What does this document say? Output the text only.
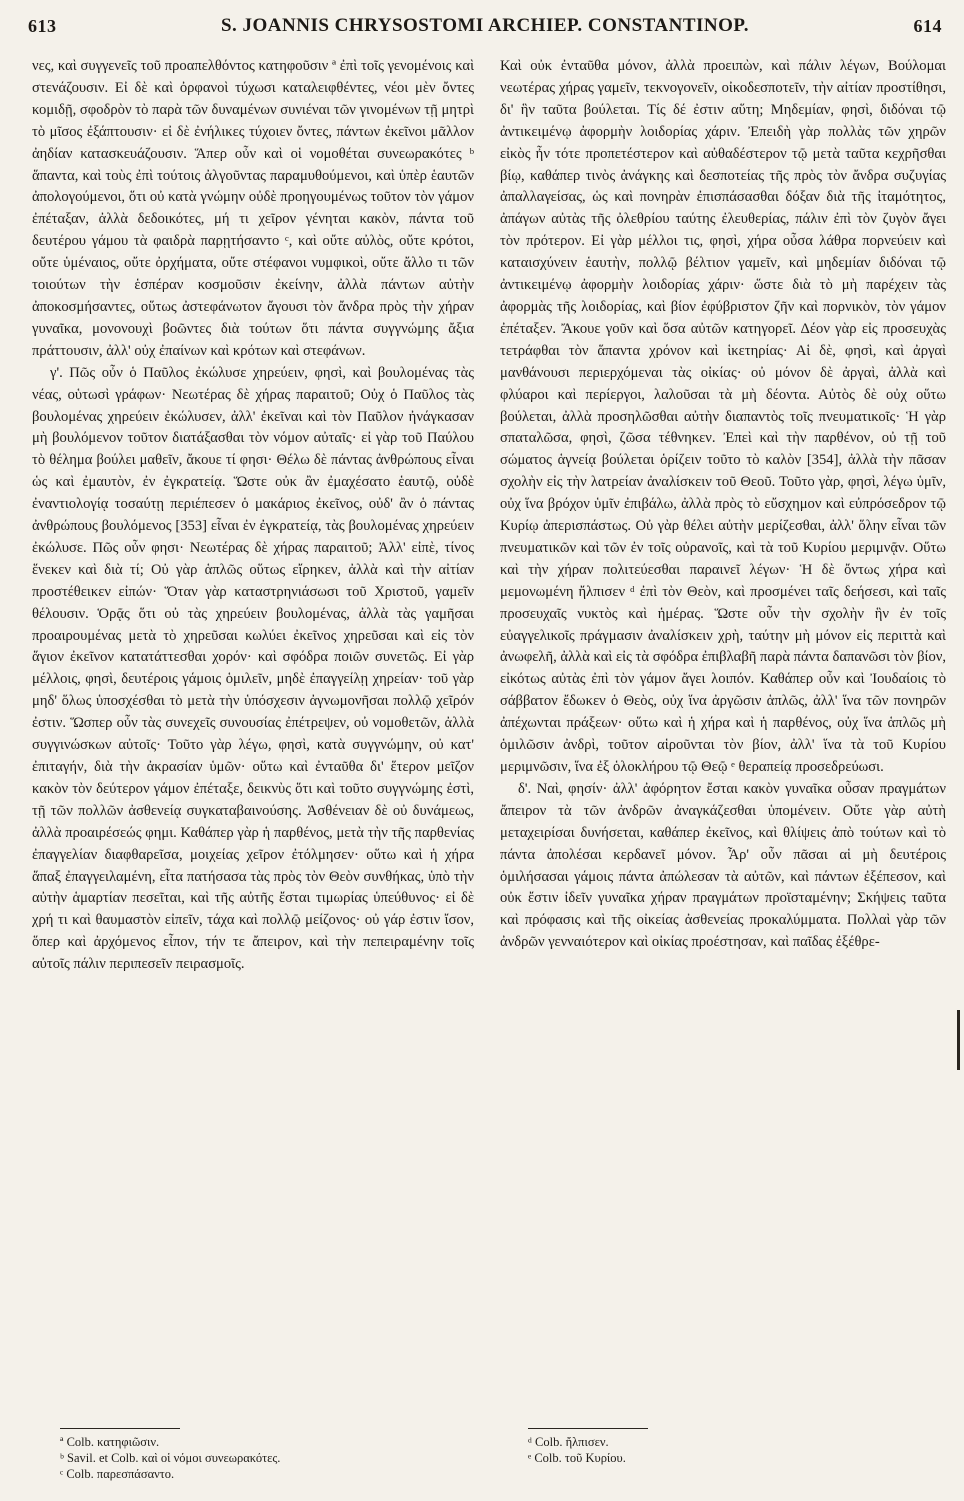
613	S. JOANNIS CHRYSOSTOMI ARCHIEP. CONSTANTINOP.	614

νες, καὶ συγγενεῖς τοῦ προαπελθόντος κατηφοῦσιν ª ἐπὶ τοῖς γενομένοις καὶ στενάζουσιν. Εἰ δὲ καὶ ὀρφανοὶ τύχωσι καταλειφθέντες, νέοι μὲν ὄντες κομιδῇ, σφοδρὸν τὸ παρὰ τῶν δυναμένων συνιέναι τῶν γινομένων τῇ μητρὶ τὸ μῖσος ἐξάπτουσιν· εἰ δὲ ἐνήλικες τύχοιεν ὄντες, πάντων ἐκεῖνοι μᾶλλον ἀηδίαν κατασκευάζουσιν. Ἅπερ οὖν καὶ οἱ νομοθέται συνεωρακότες ᵇ ἅπαντα, καὶ τοὺς ἐπὶ τούτοις ἀλγοῦντας παραμυθούμενοι, καὶ ὑπὲρ ἑαυτῶν ἀπολογούμενοι, ὅτι οὐ κατὰ γνώμην οὐδὲ προηγουμένως τοῦτον τὸν γάμον ἐπέταξαν, ἀλλὰ δεδοικότες, μή τι χεῖρον γένηται κακὸν, πάντα τοῦ δευτέρου γάμου τὰ φαιδρὰ παρῃτήσαντο ᶜ, καὶ οὔτε αὐλὸς, οὔτε κρότοι, οὔτε ὑμέναιος, οὔτε ὀρχήματα, οὔτε στέφανοι νυμφικοὶ, οὔτε ἄλλο τι τῶν τοιούτων τὴν ἑσπέραν κοσμοῦσιν ἐκείνην, ἀλλὰ πάντων αὐτὴν ἀποκοσμήσαντες, οὕτως ἀστεφάνωτον ἄγουσι τὸν ἄνδρα πρὸς τὴν χήραν γυναῖκα, μονονουχὶ βοῶντες διὰ τούτων ὅτι πάντα συγγνώμης ἄξια πράττουσιν, ἀλλ' οὐχ ἐπαίνων καὶ κρότων καὶ στεφάνων.

γ'. Πῶς οὖν ὁ Παῦλος ἐκώλυσε χηρεύειν, φησὶ, καὶ βουλομένας τὰς νέας, οὑτωσὶ γράφων· Νεωτέρας δὲ χήρας παραιτοῦ; Οὐχ ὁ Παῦλος τὰς βουλομένας χηρεύειν ἐκώλυσεν, ἀλλ' ἐκεῖναι καὶ τὸν Παῦλον ἠνάγκασαν μὴ βουλόμενον τοῦτον διατάξασθαι τὸν νόμον αὐταῖς· εἰ γὰρ τοῦ Παύλου τὸ θέλημα βούλει μαθεῖν, ἄκουε τί φησι· Θέλω δὲ πάντας ἀνθρώπους εἶναι ὡς καὶ ἐμαυτὸν, ἐν ἐγκρατείᾳ. Ὥστε οὐκ ἂν ἐμαχέσατο ἑαυτῷ, οὐδὲ ἐναντιολογίᾳ τοσαύτῃ περιέπεσεν ὁ μακάριος ἐκεῖνος, οὐδ' ἂν ὁ πάντας ἀνθρώπους βουλόμενος [353] εἶναι ἐν ἐγκρατείᾳ, τὰς βουλομένας χηρεύειν ἐκώλυσε. Πῶς οὖν φησι· Νεωτέρας δὲ χήρας παραιτοῦ; Ἀλλ' εἰπὲ, τίνος ἕνεκεν καὶ διὰ τί; Οὐ γὰρ ἁπλῶς οὕτως εἴρηκεν, ἀλλὰ καὶ τὴν αἰτίαν προστέθεικεν εἰπών· Ὅταν γὰρ καταστρηνιάσωσι τοῦ Χριστοῦ, γαμεῖν θέλουσιν. Ὁρᾷς ὅτι οὐ τὰς χηρεύειν βουλομένας, ἀλλὰ τὰς γαμῆσαι προαιρουμένας μετὰ τὸ χηρεῦσαι κωλύει ἐκεῖνος χηρεῦσαι καὶ εἰς τὸν ἅγιον ἐκεῖνον κατατάττεσθαι χορόν· καὶ σφόδρα ποιῶν συνετῶς. Εἰ γὰρ μέλλοις, φησὶ, δευτέροις γάμοις ὁμιλεῖν, μηδὲ ἐπαγγείλῃ χηρείαν· τοῦ γὰρ μηδ' ὅλως ὑποσχέσθαι τὸ μετὰ τὴν ὑπόσχεσιν ἀγνωμονῆσαι πολλῷ χεῖρόν ἐστιν. Ὥσπερ οὖν τὰς συνεχεῖς συνουσίας ἐπέτρεψεν, οὐ νομοθετῶν, ἀλλὰ συγγινώσκων αὐτοῖς· Τοῦτο γὰρ λέγω, φησὶ, κατὰ συγγνώμην, οὐ κατ' ἐπιταγήν, διὰ τὴν ἀκρασίαν ὑμῶν· οὕτω καὶ ἐνταῦθα δι' ἕτερον μεῖζον κακὸν τὸν δεύτερον γάμον ἐπέταξε, δεικνὺς ὅτι καὶ τοῦτο συγγνώμης ἐστὶ, τῇ τῶν πολλῶν ἀσθενείᾳ συγκαταβαινούσης. Ἀσθένειαν δὲ οὐ δυνάμεως, ἀλλὰ προαιρέσεώς φημι. Καθάπερ γὰρ ἡ παρθένος, μετὰ τὴν τῆς παρθενίας ἐπαγγελίαν διαφθαρεῖσα, μοιχείας χεῖρον ἐτόλμησεν· οὕτω καὶ ἡ χήρα ἅπαξ ἐπαγγειλαμένη, εἶτα πατήσασα τὰς πρὸς τὸν Θεὸν συνθήκας, ὑπὸ τὴν αὐτὴν ἁμαρτίαν πεσεῖται, καὶ τῆς αὐτῆς ἔσται τιμωρίας ὑπεύθυνος· εἰ δὲ χρή τι καὶ θαυμαστὸν εἰπεῖν, τάχα καὶ πολλῷ μείζονος· οὐ γάρ ἐστιν ἴσον, ὅπερ καὶ ἀρχόμενος εἶπον, τήν τε ἄπειρον, καὶ τὴν πεπειραμένην τοῖς αὐτοῖς πάλιν περιπεσεῖν πειρασμοῖς.

Καὶ οὐκ ἐνταῦθα μόνον, ἀλλὰ προειπὼν, καὶ πάλιν λέγων, Βούλομαι νεωτέρας χήρας γαμεῖν, τεκνογονεῖν, οἰκοδεσποτεῖν, τὴν αἰτίαν προστίθησι, δι' ἣν ταῦτα βούλεται. Τίς δέ ἐστιν αὕτη; Μηδεμίαν, φησὶ, διδόναι τῷ ἀντικειμένῳ ἀφορμὴν λοιδορίας χάριν. Ἐπειδὴ γὰρ πολλὰς τῶν χηρῶν εἰκὸς ἦν τότε προπετέστερον καὶ αὐθαδέστερον τῷ μετὰ ταῦτα κεχρῆσθαι βίῳ, καθάπερ τινὸς ἀνάγκης καὶ δεσποτείας τῆς πρὸς τὸν ἄνδρα συζυγίας ἀπαλλαγείσας, ὡς καὶ πονηρὰν ἐπισπάσασθαι δόξαν διὰ τῆς ἰταμότητος, ἀπάγων αὐτὰς τῆς ὀλεθρίου ταύτης ἐλευθερίας, πάλιν ἐπὶ τὸν ζυγὸν ἄγει τὸν πρότερον. Εἰ γὰρ μέλλοι τις, φησὶ, χήρα οὖσα λάθρα πορνεύειν καὶ καταισχύνειν ἑαυτὴν, πολλῷ βέλτιον γαμεῖν, καὶ μηδεμίαν διδόναι τῷ ἀντικειμένῳ ἀφορμὴν λοιδορίας χάριν· ὥστε διὰ τὸ μὴ παρέχειν τὰς ἀφορμὰς τῆς λοιδορίας, καὶ βίον ἐφύβριστον ζῆν καὶ πορνικὸν, τὸν γάμον ἐπέταξεν. Ἄκουε γοῦν καὶ ὅσα αὐτῶν κατηγορεῖ. Δέον γὰρ εἰς προσευχὰς τετράφθαι τὸν ἅπαντα χρόνον καὶ ἱκετηρίας· Αἱ δὲ, φησὶ, καὶ ἀργαὶ μανθάνουσι περιερχόμεναι τὰς οἰκίας· οὐ μόνον δὲ ἀργαὶ, ἀλλὰ καὶ φλύαροι καὶ περίεργοι, λαλοῦσαι τὰ μὴ δέοντα. Αὐτὸς δὲ οὐχ οὕτω βούλεται, ἀλλὰ προσηλῶσθαι αὐτὴν διαπαντὸς τοῖς πνευματικοῖς· Ἡ γὰρ σπαταλῶσα, φησὶ, ζῶσα τέθνηκεν. Ἐπεὶ καὶ τὴν παρθένον, οὐ τῇ τοῦ σώματος ἁγνείᾳ βούλεται ὁρίζειν τοῦτο τὸ καλὸν [354], ἀλλὰ τὴν πᾶσαν σχολὴν εἰς τὴν λατρείαν ἀναλίσκειν τοῦ Θεοῦ. Τοῦτο γὰρ, φησὶ, λέγω ὑμῖν, οὐχ ἵνα βρόχον ὑμῖν ἐπιβάλω, ἀλλὰ πρὸς τὸ εὔσχημον καὶ εὐπρόσεδρον τῷ Κυρίῳ ἀπερισπάστως. Οὐ γὰρ θέλει αὐτὴν μερίζεσθαι, ἀλλ' ὅλην εἶναι τῶν πνευματικῶν καὶ τῶν ἐν τοῖς οὐρανοῖς, καὶ τὰ τοῦ Κυρίου μεριμνᾷν. Οὕτω καὶ τὴν χήραν πολιτεύεσθαι παραινεῖ λέγων· Ἡ δὲ ὄντως χήρα καὶ μεμονωμένη ἤλπισεν ᵈ ἐπὶ τὸν Θεὸν, καὶ προσμένει ταῖς δεήσεσι, καὶ ταῖς προσευχαῖς νυκτὸς καὶ ἡμέρας. Ὥστε οὖν τὴν σχολὴν ἣν ἐν τοῖς εὐαγγελικοῖς πράγμασιν ἀναλίσκειν χρὴ, ταύτην μὴ μόνον εἰς περιττὰ καὶ ἀνωφελῆ, ἀλλὰ καὶ εἰς τὰ σφόδρα ἐπιβλαβῆ παρὰ πάντα δαπανῶσι τὸν βίον, εἰκότως αὐτὰς ἐπὶ τὸν γάμον ἄγει λοιπόν. Καθάπερ οὖν καὶ Ἰουδαίοις τὸ σάββατον ἔδωκεν ὁ Θεὸς, οὐχ ἵνα ἀργῶσιν ἁπλῶς, ἀλλ' ἵνα τῶν πονηρῶν ἀπέχωνται πράξεων· οὕτω καὶ ἡ χήρα καὶ ἡ παρθένος, οὐχ ἵνα ἁπλῶς μὴ ὁμιλῶσιν ἀνδρὶ, τοῦτον αἱροῦνται τὸν βίον, ἀλλ' ἵνα τὰ τοῦ Κυρίου μεριμνῶσιν, ἵνα ἐξ ὁλοκλήρου τῷ Θεῷ ᵉ θεραπείᾳ προσεδρεύωσι.

δ'. Ναὶ, φησίν· ἀλλ' ἀφόρητον ἔσται κακὸν γυναῖκα οὖσαν πραγμάτων ἄπειρον τὰ τῶν ἀνδρῶν ἀναγκάζεσθαι ὑπομένειν. Οὔτε γὰρ αὐτὴ μεταχειρίσαι δυνήσεται, καθάπερ ἐκεῖνος, καὶ θλίψεις ἀπὸ τούτων καὶ τὸ πάντα ἀπολέσαι κερδανεῖ μόνον. Ἆρ' οὖν πᾶσαι αἱ μὴ δευτέροις ὁμιλήσασαι γάμοις πάντα ἀπώλεσαν τὰ αὐτῶν, καὶ πάντων ἐξέπεσον, καὶ οὐκ ἔστιν ἰδεῖν γυναῖκα χήραν πραγμάτων προϊσταμένην; Σκήψεις ταῦτα καὶ πρόφασις καὶ τῆς οἰκείας ἀσθενείας προκαλύμματα. Πολλαὶ γὰρ τῶν ἀνδρῶν γενναιότερον καὶ οἰκίας προέστησαν, καὶ παῖδας ἐξέθρε-

ª Colb. κατηφιῶσιν.
ᵇ Savil. et Colb. καὶ οἱ νόμοι συνεωρακότες.
ᶜ Colb. παρεσπάσαντο.
ᵈ Colb. ἤλπισεν.
ᵉ Colb. τοῦ Κυρίου.
